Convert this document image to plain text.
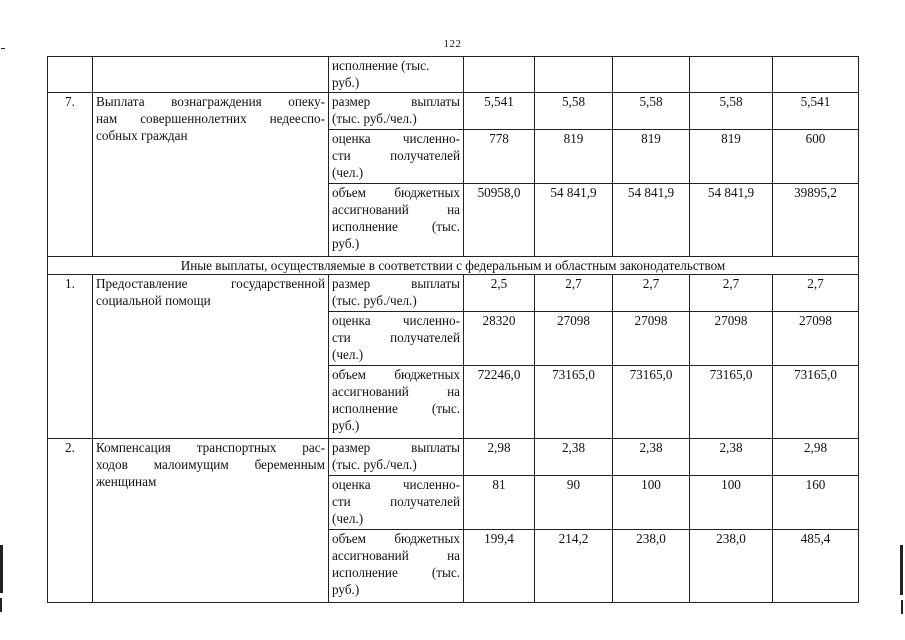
122

		исполнение (тыс.
руб.)					

7.	Выплата вознаграждения опеку-
нам совершеннолетних недееспо-
собных граждан	размер выплаты
(тыс. руб./чел.)	5,541	5,58	5,58	5,58	5,541

		оценка численно-
сти получателей
(чел.)	778	819	819	819	600

		объем бюджетных
ассигнований на
исполнение (тыс.
руб.)	50958,0	54 841,9	54 841,9	54 841,9	39895,2
Иные выплаты, осуществляемые в соответствии с федеральным и областным законодательством							
1.	Предоставление государственной
социальной помощи	размер выплаты
(тыс. руб./чел.)	2,5	2,7	2,7	2,7	2,7

		оценка численно-
сти получателей
(чел.)	28320	27098	27098	27098	27098

		объем бюджетных
ассигнований на
исполнение (тыс.
руб.)	72246,0	73165,0	73165,0	73165,0	73165,0
2.	Компенсация транспортных рас-
ходов малоимущим беременным
женщинам	размер выплаты
(тыс. руб./чел.)	2,98	2,38	2,38	2,38	2,98

		оценка численно-
сти получателей
(чел.)	81	90	100	100	160

		объем бюджетных
ассигнований на
исполнение (тыс.
руб.)	199,4	214,2	238,0	238,0	485,4
